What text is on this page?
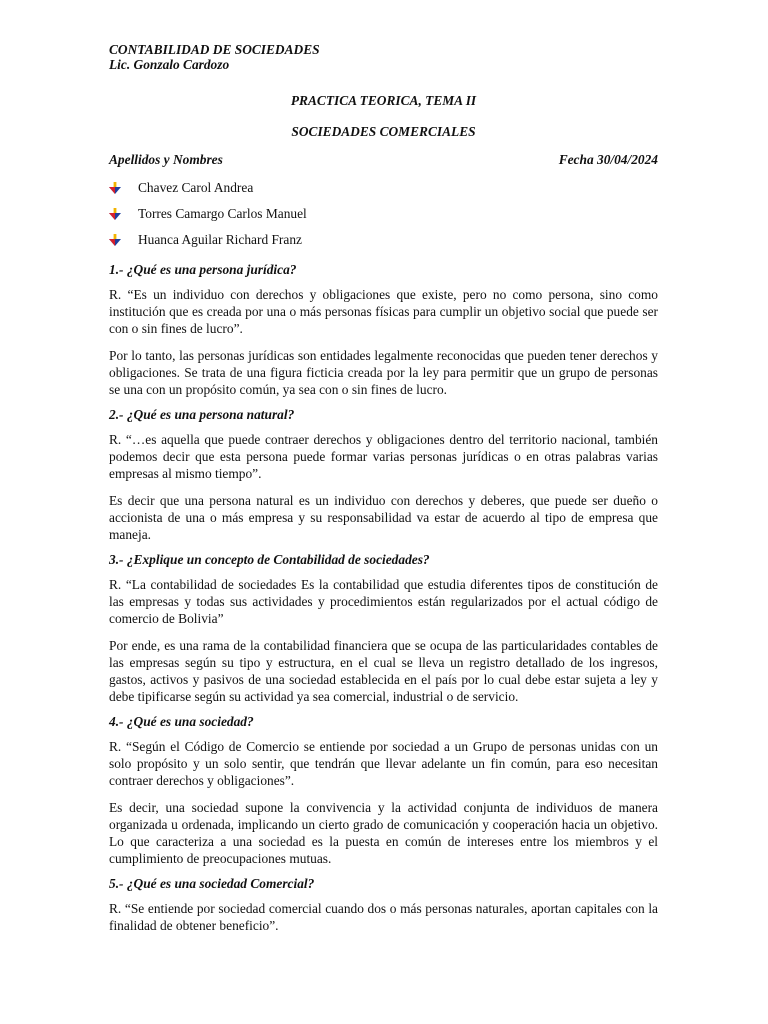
CONTABILIDAD DE SOCIEDADES

Lic. Gonzalo Cardozo

PRACTICA TEORICA, TEMA II

SOCIEDADES COMERCIALES

Apellidos y Nombres	Fecha 30/04/2024
Chavez Carol Andrea
Torres Camargo Carlos Manuel
Huanca Aguilar Richard Franz

1.- ¿Qué es una persona jurídica?

R. “Es un individuo con derechos y obligaciones que existe, pero no como persona, sino como institución que es creada por una o más personas físicas para cumplir un objetivo social que puede ser con o sin fines de lucro”.

Por lo tanto, las personas jurídicas son entidades legalmente reconocidas que pueden tener derechos y obligaciones. Se trata de una figura ficticia creada por la ley para permitir que un grupo de personas se una con un propósito común, ya sea con o sin fines de lucro.

2.- ¿Qué es una persona natural?

R. “…es aquella que puede contraer derechos y obligaciones dentro del territorio nacional, también podemos decir que esta persona puede formar varias personas jurídicas o en otras palabras varias empresas al mismo tiempo”.

Es decir que una persona natural es un individuo con derechos y deberes, que puede ser dueño o accionista de una o más empresa y su responsabilidad va estar de acuerdo al tipo de empresa que maneja.

3.- ¿Explique un concepto de Contabilidad de sociedades?

R. “La contabilidad de sociedades Es la contabilidad que estudia diferentes tipos de constitución de las empresas y todas sus actividades y procedimientos están regularizados por el actual código de comercio de Bolivia”

Por ende, es una rama de la contabilidad financiera que se ocupa de las particularidades contables de las empresas según su tipo y estructura, en el cual se lleva un registro detallado de los ingresos, gastos, activos y pasivos de una sociedad establecida en el país por lo cual debe estar sujeta a ley y debe tipificarse según su actividad ya sea comercial, industrial o de servicio.

4.- ¿Qué es una sociedad?

R. “Según el Código de Comercio se entiende por sociedad a un Grupo de personas unidas con un solo propósito y un solo sentir, que tendrán que llevar adelante un fin común, para eso necesitan contraer derechos y obligaciones”.

Es decir, una sociedad supone la convivencia y la actividad conjunta de individuos de manera organizada u ordenada, implicando un cierto grado de comunicación y cooperación hacia un objetivo. Lo que caracteriza a una sociedad es la puesta en común de intereses entre los miembros y el cumplimiento de preocupaciones mutuas.

5.- ¿Qué es una sociedad Comercial?

R. “Se entiende por sociedad comercial cuando dos o más personas naturales, aportan capitales con la finalidad de obtener beneficio”.
